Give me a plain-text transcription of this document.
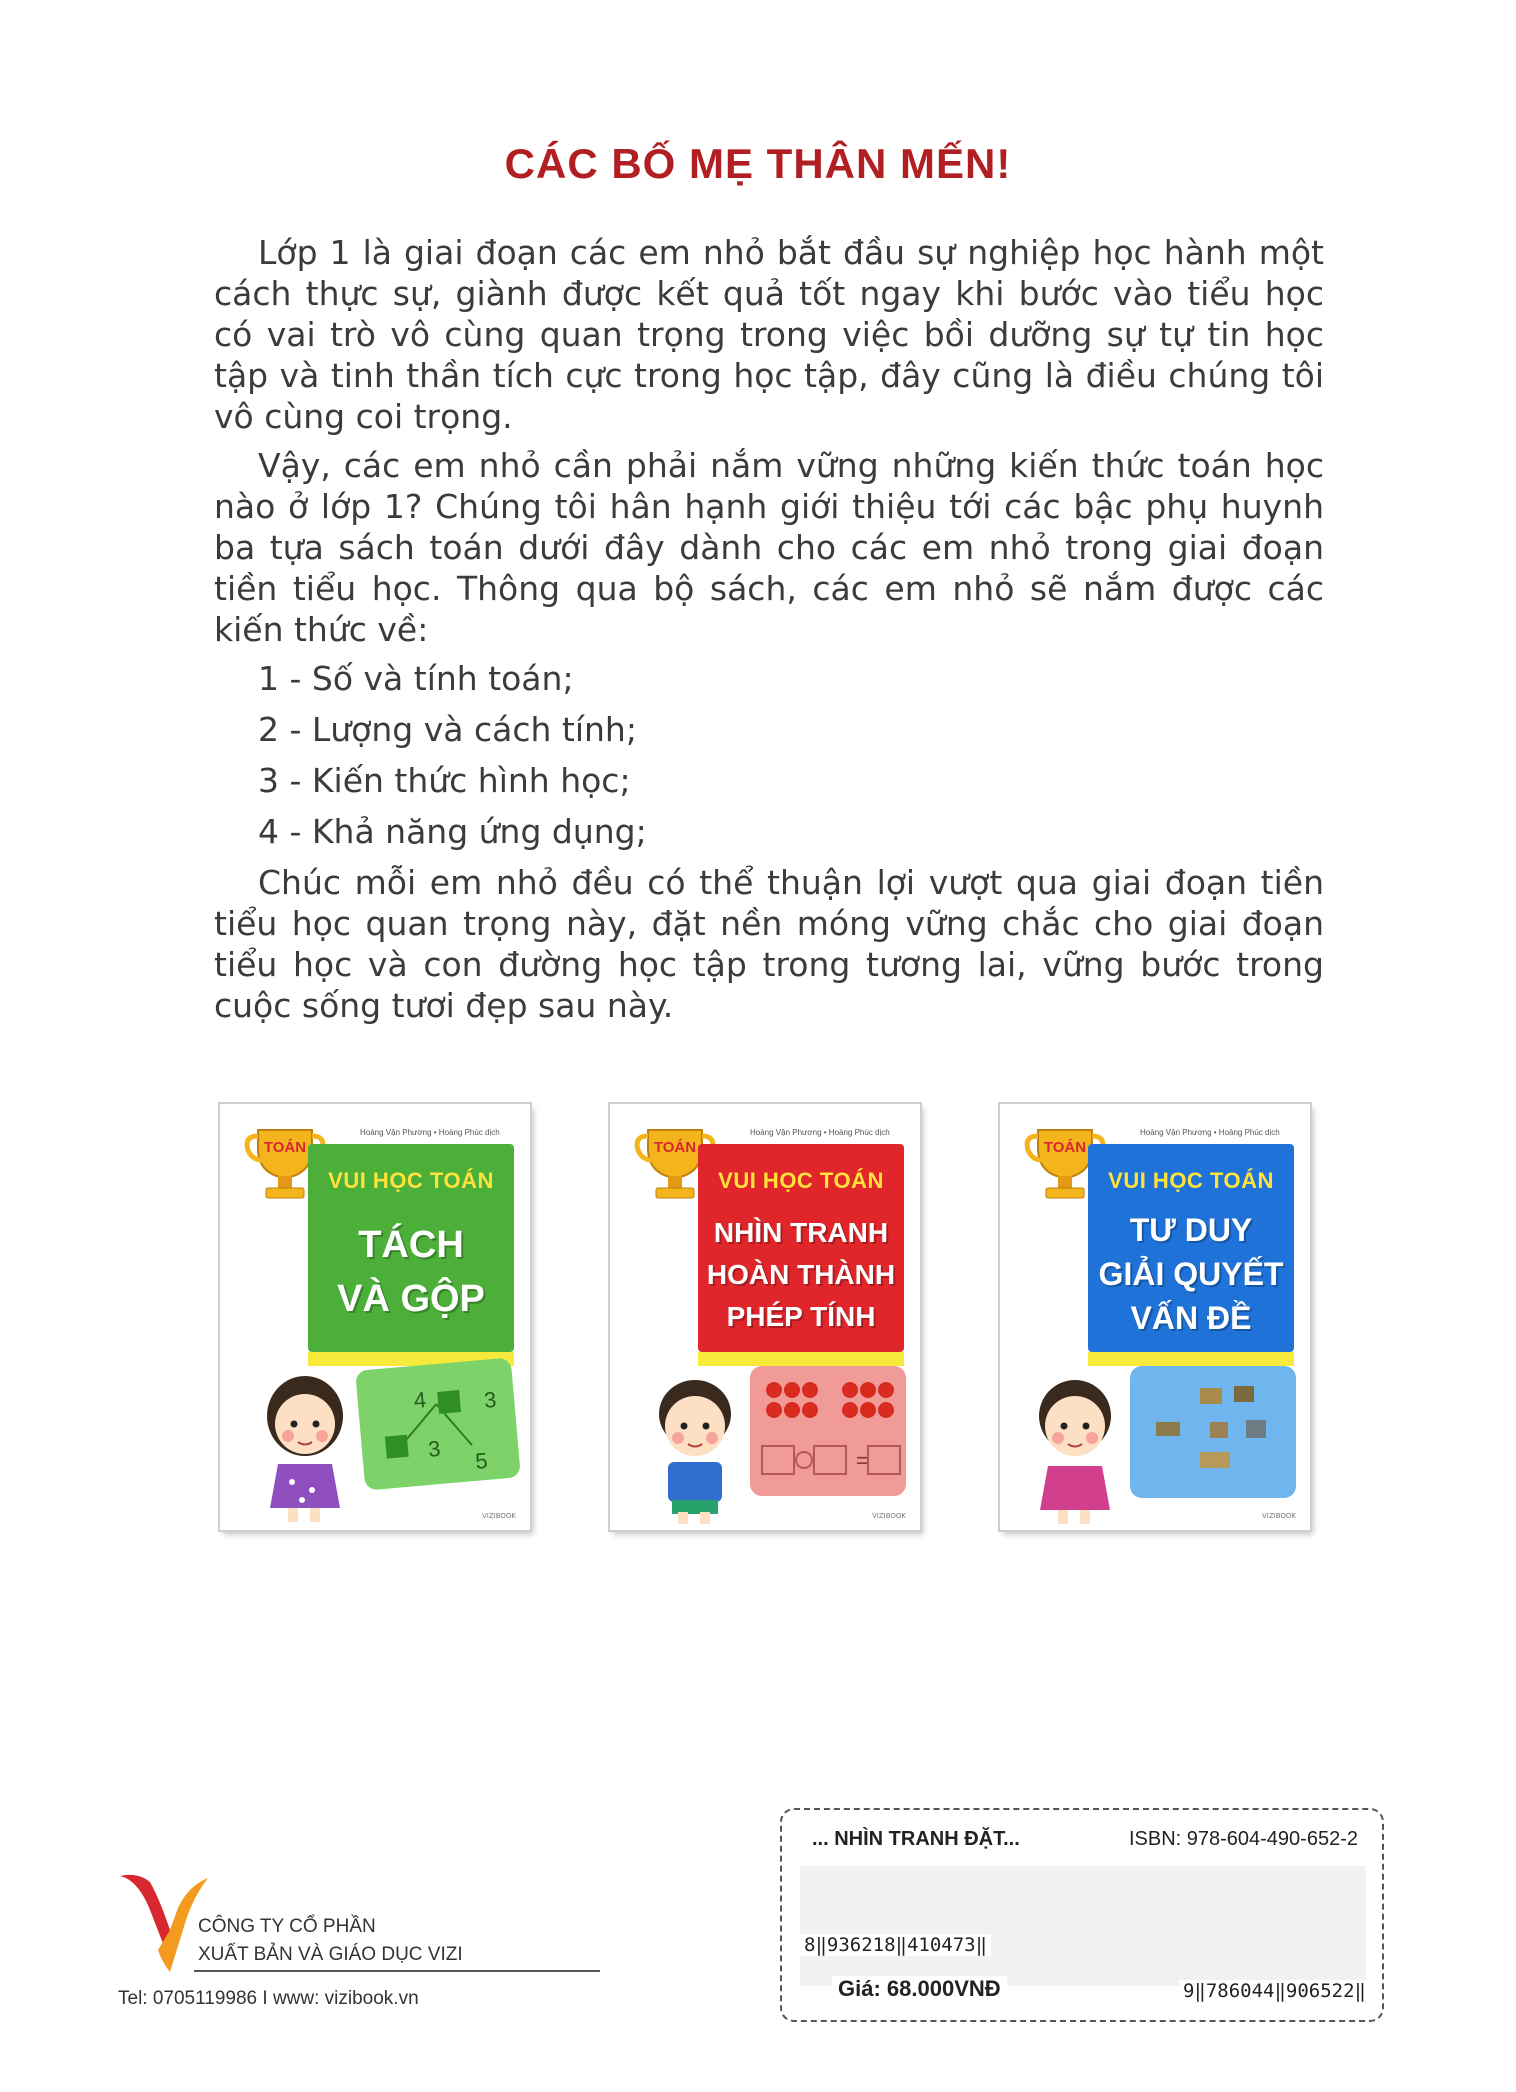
CÁC BỐ MẸ THÂN MẾN!

Lớp 1 là giai đoạn các em nhỏ bắt đầu sự nghiệp học hành một cách thực sự, giành được kết quả tốt ngay khi bước vào tiểu học có vai trò vô cùng quan trọng trong việc bồi dưỡng sự tự tin học tập và tinh thần tích cực trong học tập, đây cũng là điều chúng tôi vô cùng coi trọng.

Vậy, các em nhỏ cần phải nắm vững những kiến thức toán học nào ở lớp 1? Chúng tôi hân hạnh giới thiệu tới các bậc phụ huynh ba tựa sách toán dưới đây dành cho các em nhỏ trong giai đoạn tiền tiểu học. Thông qua bộ sách, các em nhỏ sẽ nắm được các kiến thức về:

1 - Số và tính toán;
2 - Lượng và cách tính;
3 - Kiến thức hình học;
4 - Khả năng ứng dụng;

Chúc mỗi em nhỏ đều có thể thuận lợi vượt qua giai đoạn tiền tiểu học quan trọng này, đặt nền móng vững chắc cho giai đoạn tiểu học và con đường học tập trong tương lai, vững bước trong cuộc sống tươi đẹp sau này.

TOÁN
Hoàng Vận Phương • Hoàng Phúc dịch
VUI HỌC TOÁN
TÁCH
VÀ GỘP
4	3
3 5
VIZIBOOK
TOÁN
Hoàng Vận Phương • Hoàng Phúc dịch
VUI HỌC TOÁN
NHÌN TRANH
HOÀN THÀNH
PHÉP TÍNH
=
VIZIBOOK
TOÁN
Hoàng Vận Phương • Hoàng Phúc dịch
VUI HỌC TOÁN
TƯ DUY
GIẢI QUYẾT
VẤN ĐỀ
VIZIBOOK
CÔNG TY CỔ PHẦN
XUẤT BẢN VÀ GIÁO DỤC VIZI
Tel: 0705119986 I www: vizibook.vn
... NHÌN TRANH ĐẶT...	ISBN: 978-604-490-652-2
8‖936218‖410473‖
Giá: 68.000VNĐ	9‖786044‖906522‖
